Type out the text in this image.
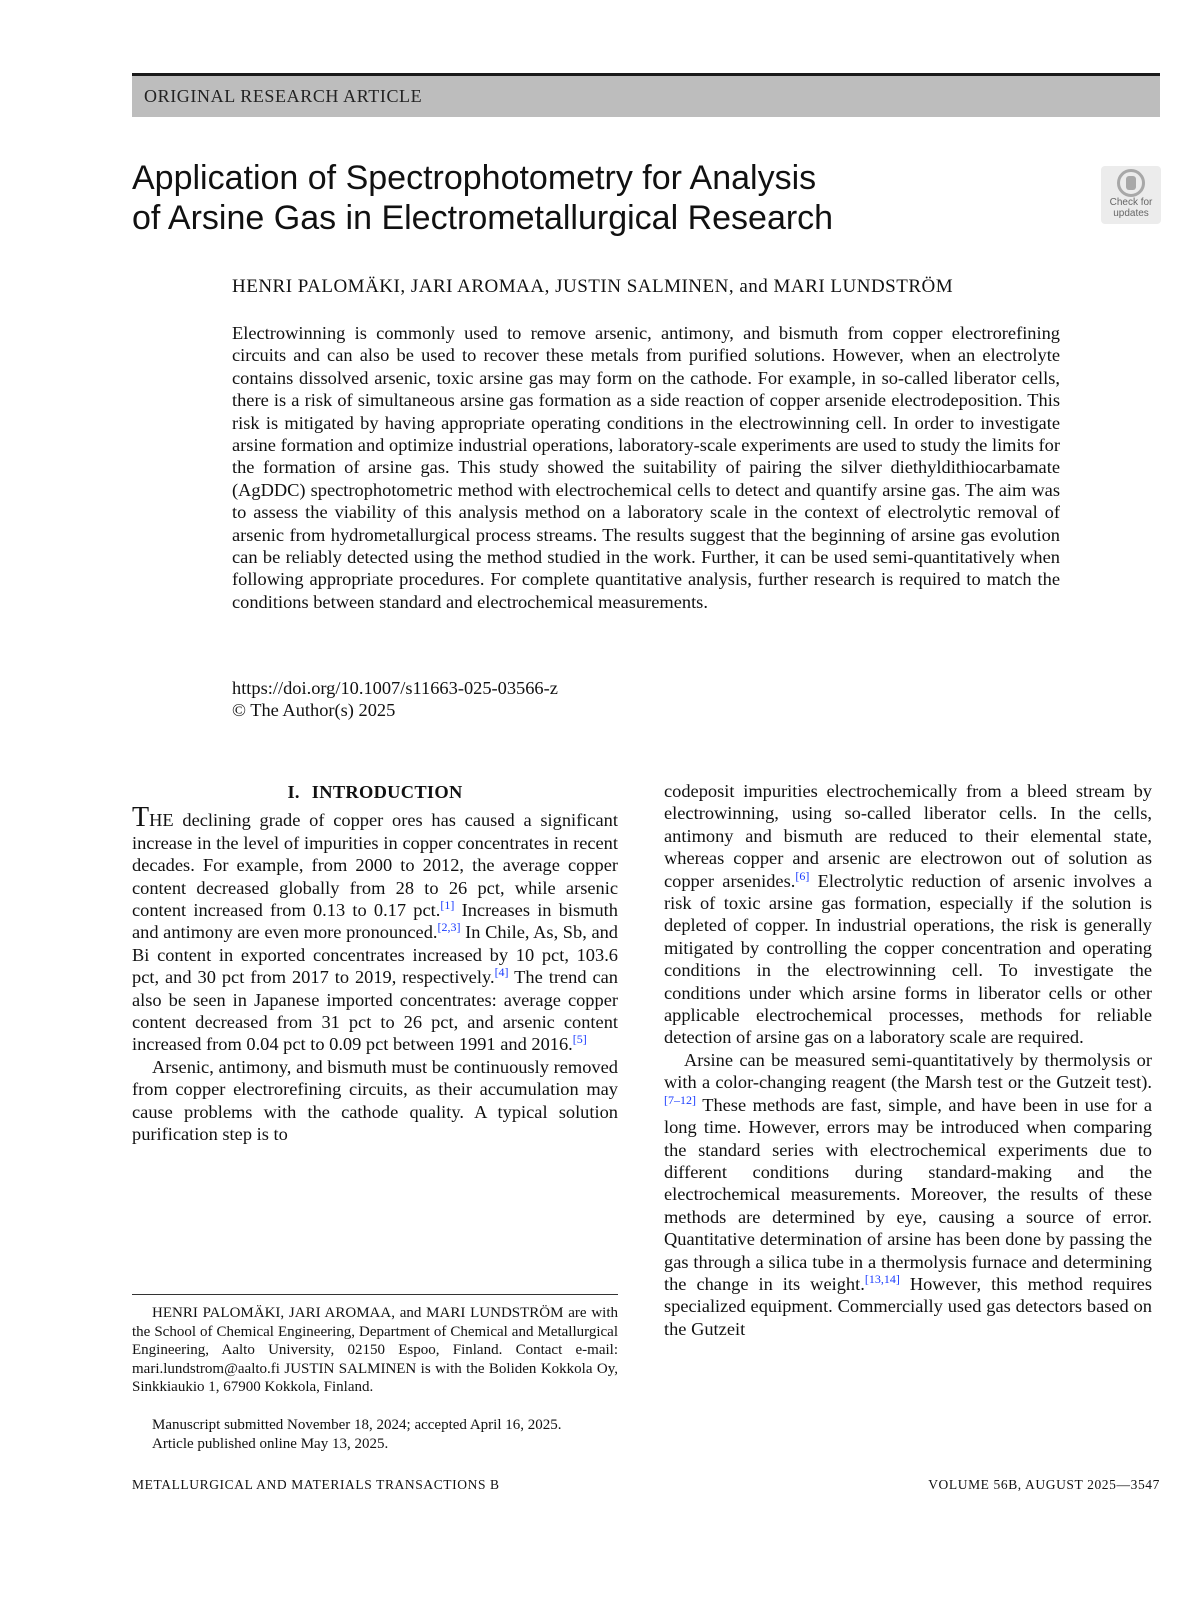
ORIGINAL RESEARCH ARTICLE
Application of Spectrophotometry for Analysis
of Arsine Gas in Electrometallurgical Research	Check for
updates
HENRI PALOMÄKI, JARI AROMAA, JUSTIN SALMINEN, and MARI LUNDSTRÖM

Electrowinning is commonly used to remove arsenic, antimony, and bismuth from copper electrorefining circuits and can also be used to recover these metals from purified solutions. However, when an electrolyte contains dissolved arsenic, toxic arsine gas may form on the cathode. For example, in so-called liberator cells, there is a risk of simultaneous arsine gas formation as a side reaction of copper arsenide electrodeposition. This risk is mitigated by having appropriate operating conditions in the electrowinning cell. In order to investigate arsine formation and optimize industrial operations, laboratory-scale experiments are used to study the limits for the formation of arsine gas. This study showed the suitability of pairing the silver diethyldithiocarbamate (AgDDC) spectrophotometric method with electrochemical cells to detect and quantify arsine gas. The aim was to assess the viability of this analysis method on a laboratory scale in the context of electrolytic removal of arsenic from hydrometallurgical process streams. The results suggest that the beginning of arsine gas evolution can be reliably detected using the method studied in the work. Further, it can be used semi-quantitatively when following appropriate procedures. For complete quantitative analysis, further research is required to match the conditions between standard and electrochemical measurements.

https://doi.org/10.1007/s11663-025-03566-z
© The Author(s) 2025
I. INTRODUCTION

THE declining grade of copper ores has caused a significant increase in the level of impurities in copper concentrates in recent decades. For example, from 2000 to 2012, the average copper content decreased globally from 28 to 26 pct, while arsenic content increased from 0.13 to 0.17 pct.[1] Increases in bismuth and antimony are even more pronounced.[2,3] In Chile, As, Sb, and Bi content in exported concentrates increased by 10 pct, 103.6 pct, and 30 pct from 2017 to 2019, respectively.[4] The trend can also be seen in Japanese imported concentrates: average copper content decreased from 31 pct to 26 pct, and arsenic content increased from 0.04 pct to 0.09 pct between 1991 and 2016.[5]

Arsenic, antimony, and bismuth must be continuously removed from copper electrorefining circuits, as their accumulation may cause problems with the cathode quality. A typical solution purification step is to

codeposit impurities electrochemically from a bleed stream by electrowinning, using so-called liberator cells. In the cells, antimony and bismuth are reduced to their elemental state, whereas copper and arsenic are electrowon out of solution as copper arsenides.[6] Electrolytic reduction of arsenic involves a risk of toxic arsine gas formation, especially if the solution is depleted of copper. In industrial operations, the risk is generally mitigated by controlling the copper concentration and operating conditions in the electrowinning cell. To investigate the conditions under which arsine forms in liberator cells or other applicable electrochemical processes, methods for reliable detection of arsine gas on a laboratory scale are required.

Arsine can be measured semi-quantitatively by thermolysis or with a color-changing reagent (the Marsh test or the Gutzeit test).[7–12] These methods are fast, simple, and have been in use for a long time. However, errors may be introduced when comparing the standard series with electrochemical experiments due to different conditions during standard-making and the electrochemical measurements. Moreover, the results of these methods are determined by eye, causing a source of error. Quantitative determination of arsine has been done by passing the gas through a silica tube in a thermolysis furnace and determining the change in its weight.[13,14] However, this method requires specialized equipment. Commercially used gas detectors based on the Gutzeit

HENRI PALOMÄKI, JARI AROMAA, and MARI LUNDSTRÖM are with the School of Chemical Engineering, Department of Chemical and Metallurgical Engineering, Aalto University, 02150 Espoo, Finland. Contact e-mail: mari.lundstrom@aalto.fi JUSTIN SALMINEN is with the Boliden Kokkola Oy, Sinkkiaukio 1, 67900 Kokkola, Finland.

Manuscript submitted November 18, 2024; accepted April 16, 2025.
Article published online May 13, 2025.
METALLURGICAL AND MATERIALS TRANSACTIONS B	VOLUME 56B, AUGUST 2025—3547
